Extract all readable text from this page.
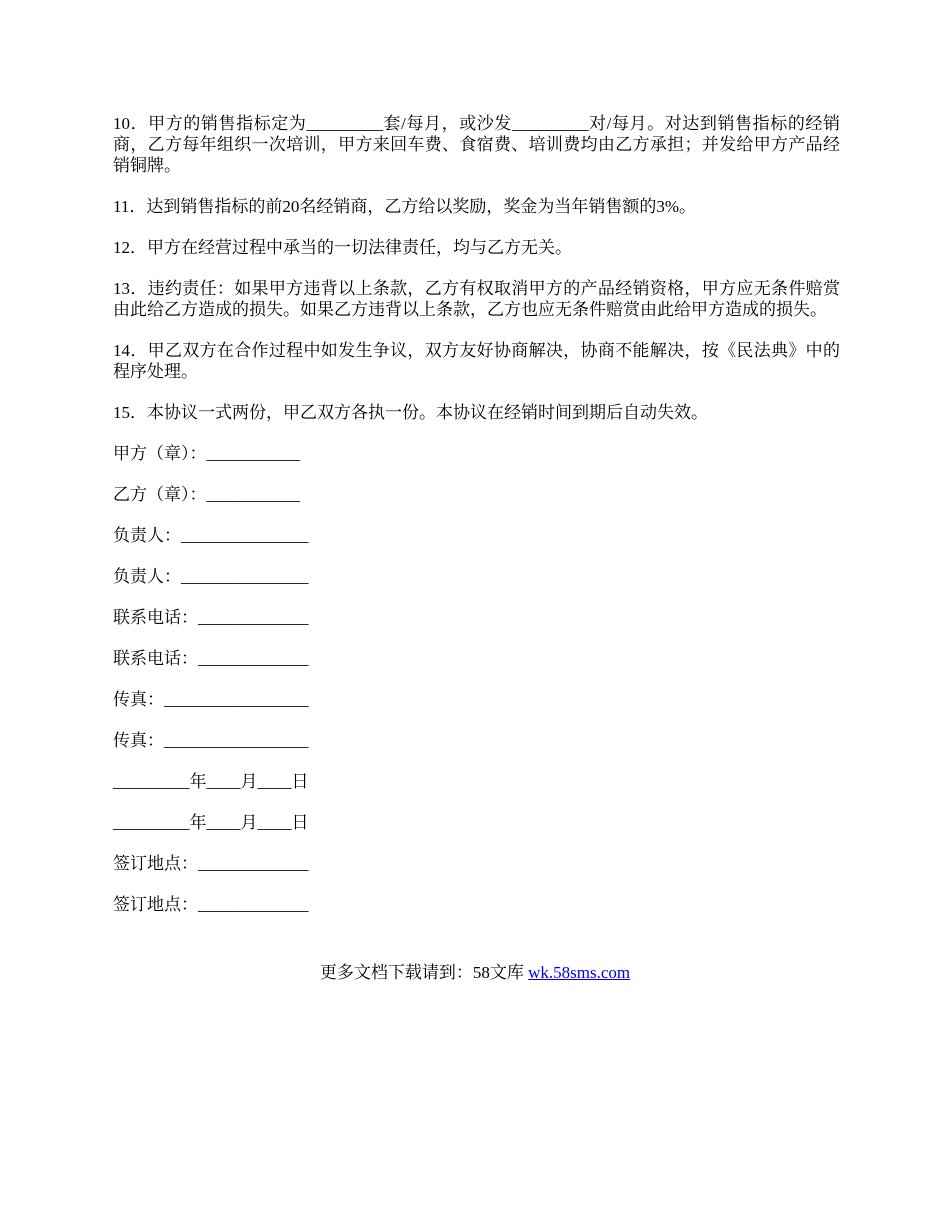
10．甲方的销售指标定为_________套/每月，或沙发_________对/每月。对达到销售指标的经销商，乙方每年组织一次培训，甲方来回车费、食宿费、培训费均由乙方承担；并发给甲方产品经销铜牌。

11．达到销售指标的前20名经销商，乙方给以奖励，奖金为当年销售额的3%。

12．甲方在经营过程中承当的一切法律责任，均与乙方无关。

13．违约责任：如果甲方违背以上条款，乙方有权取消甲方的产品经销资格，甲方应无条件赔赏由此给乙方造成的损失。如果乙方违背以上条款，乙方也应无条件赔赏由此给甲方造成的损失。

14．甲乙双方在合作过程中如发生争议，双方友好协商解决，协商不能解决，按《民法典》中的程序处理。

15．本协议一式两份，甲乙双方各执一份。本协议在经销时间到期后自动失效。

甲方（章）：___________
乙方（章）：___________
负责人：_______________
负责人：_______________
联系电话：_____________
联系电话：_____________
传真：_________________
传真：_________________
_________年____月____日
_________年____月____日
签订地点：_____________
签订地点：_____________
更多文档下载请到：58文库 wk.58sms.com
